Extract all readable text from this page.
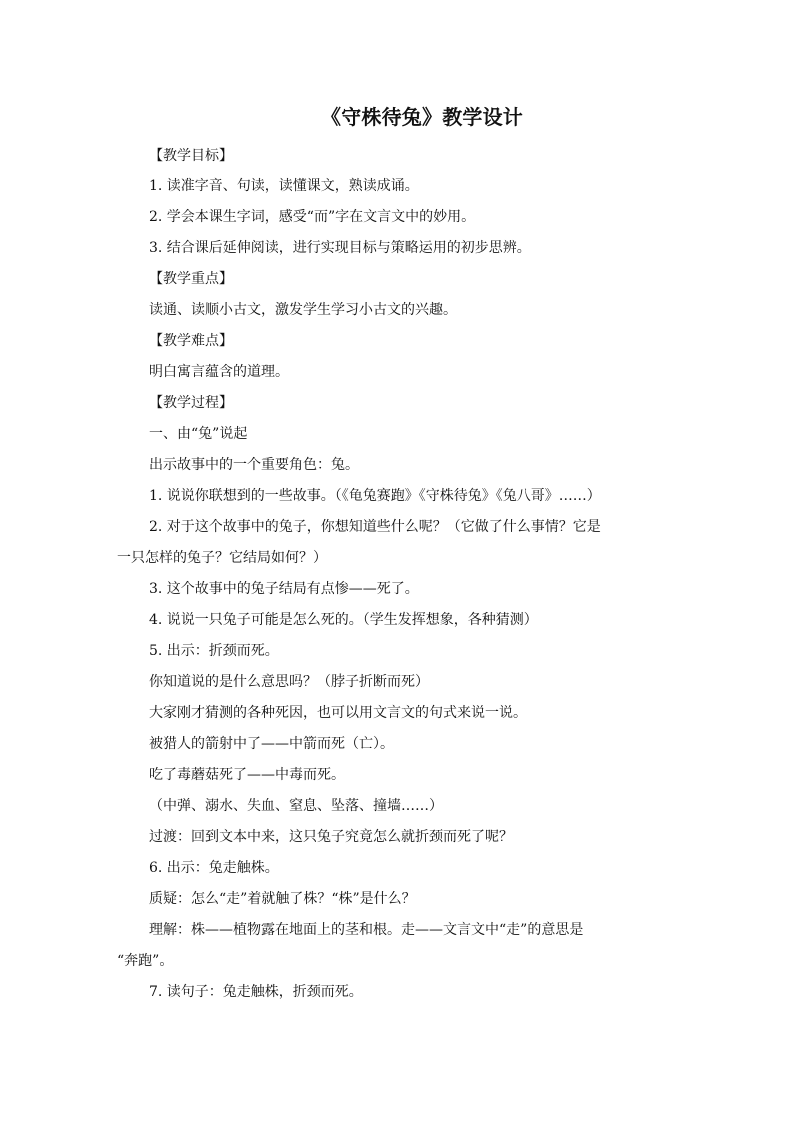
《守株待兔》教学设计
【教学目标】
1. 读准字音、句读，读懂课文，熟读成诵。
2. 学会本课生字词，感受“而”字在文言文中的妙用。
3. 结合课后延伸阅读，进行实现目标与策略运用的初步思辨。
【教学重点】
读通、读顺小古文，激发学生学习小古文的兴趣。
【教学难点】
明白寓言蕴含的道理。
【教学过程】
一、由“兔”说起
出示故事中的一个重要角色：兔。
1. 说说你联想到的一些故事。（《龟兔赛跑》《守株待兔》《兔八哥》……）
2. 对于这个故事中的兔子，你想知道些什么呢？（它做了什么事情？它是
一只怎样的兔子？它结局如何？）
3. 这个故事中的兔子结局有点惨——死了。
4. 说说一只兔子可能是怎么死的。（学生发挥想象，各种猜测）
5. 出示：折颈而死。
你知道说的是什么意思吗？（脖子折断而死）
大家刚才猜测的各种死因，也可以用文言文的句式来说一说。
被猎人的箭射中了——中箭而死（亡）。
吃了毒蘑菇死了——中毒而死。
（中弹、溺水、失血、窒息、坠落、撞墙……）
过渡：回到文本中来，这只兔子究竟怎么就折颈而死了呢？
6. 出示：兔走触株。
质疑：怎么“走”着就触了株？“株”是什么？
理解：株——植物露在地面上的茎和根。走——文言文中“走”的意思是
“奔跑”。
7. 读句子：兔走触株，折颈而死。
